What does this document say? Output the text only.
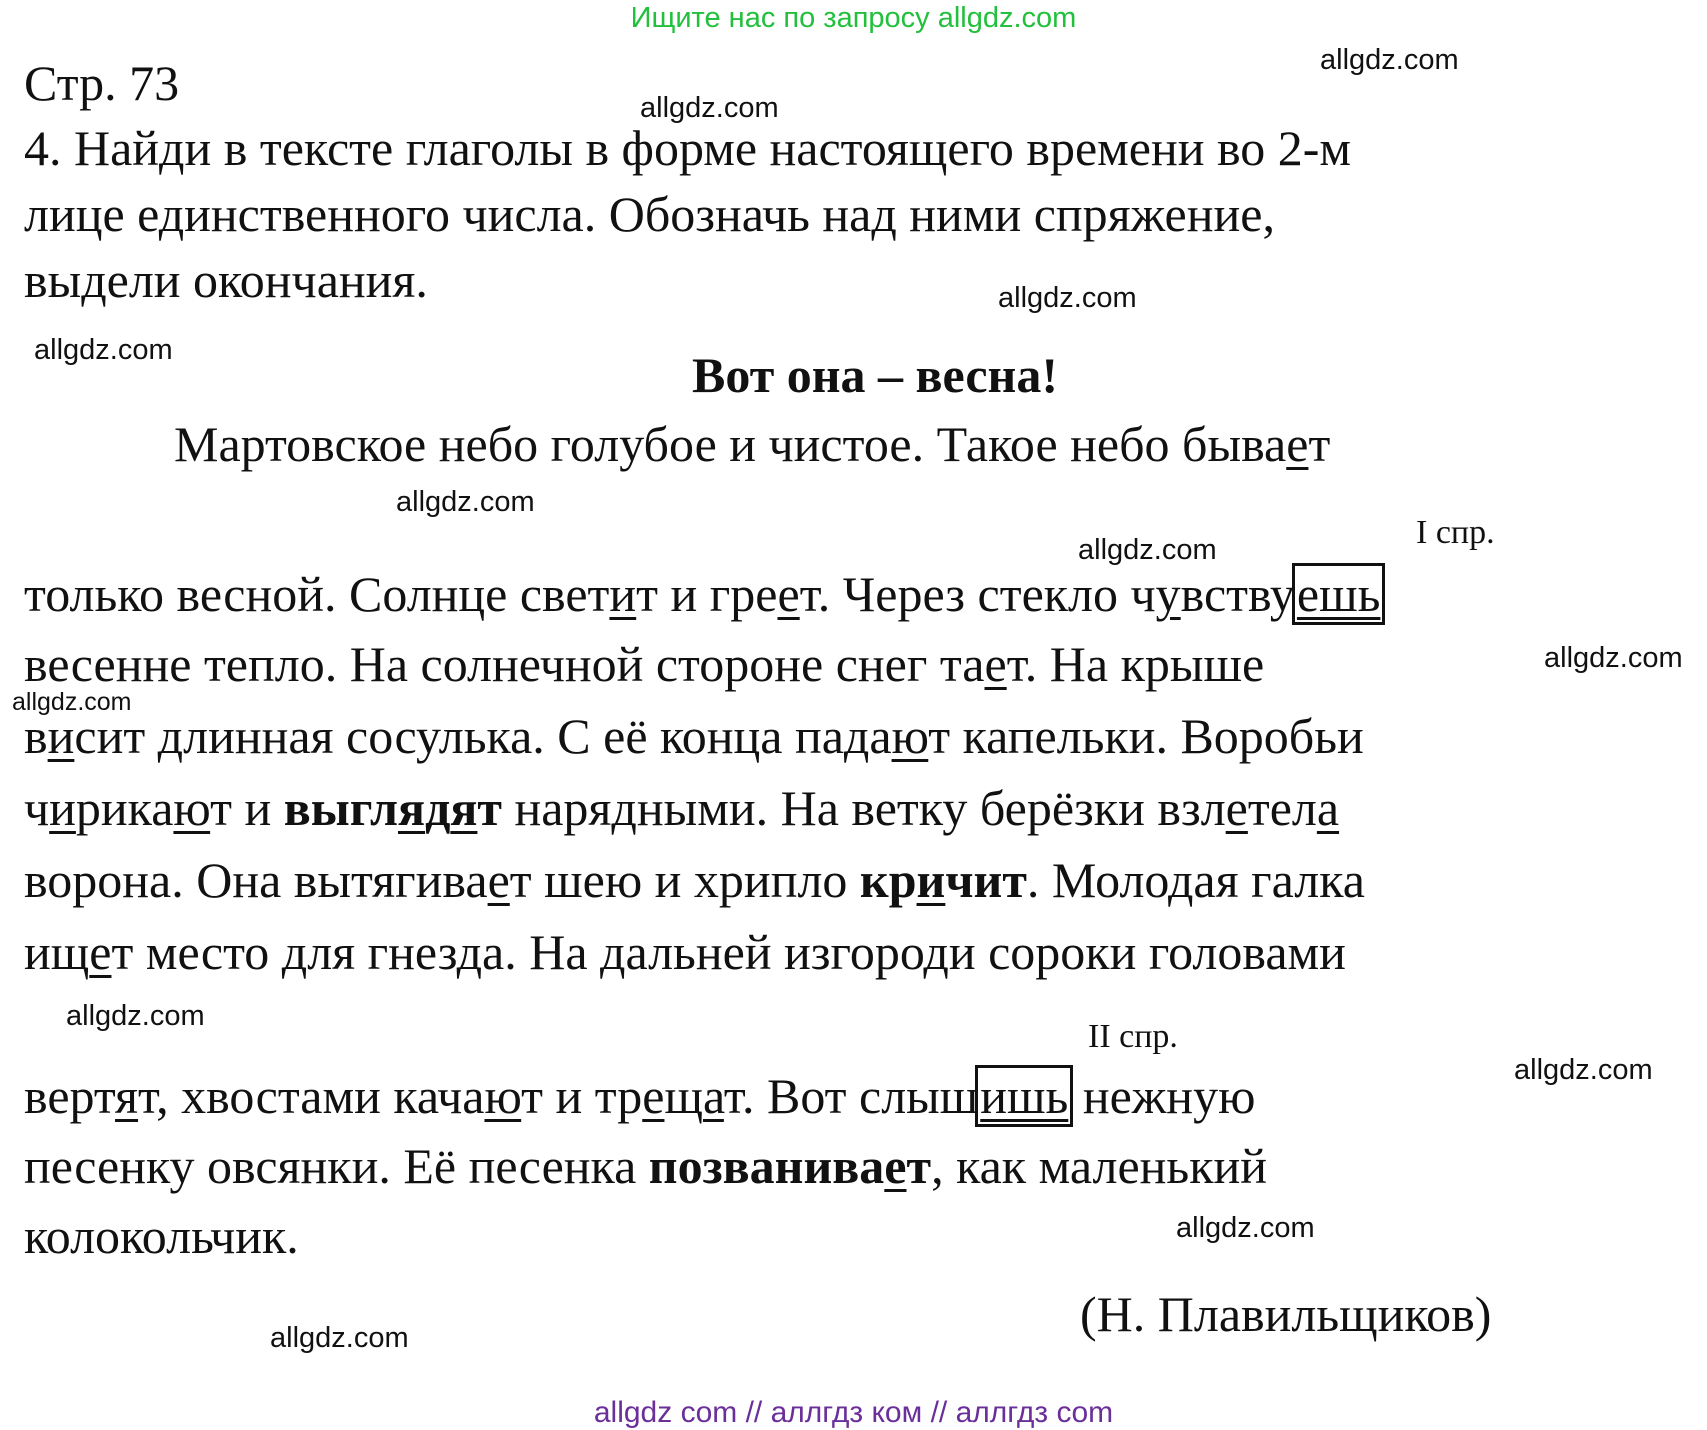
Ищите нас по запросу allgdz.com
Стр. 73
4. Найди в тексте глаголы в форме настоящего времени во 2-м
лице единственного числа. Обозначь над ними спряжение,
выдели окончания.
Вот она – весна!
Мартовское небо голубое и чистое. Такое небо бывает
I спр.
только весной. Солнце светит и греет. Через стекло чувствуешь
весенне тепло. На солнечной стороне снег тает. На крыше
висит длинная сосулька. С её конца падают капельки. Воробьи
чирикают и выглядят нарядными. На ветку берёзки взлетела
ворона. Она вытягивает шею и хрипло кричит. Молодая галка
ищет место для гнезда. На дальней изгороди сороки головами
II спр.
вертят, хвостами качают и трещат. Вот слышишь нежную
песенку овсянки. Её песенка позванивает, как маленький
колокольчик.
(Н. Плавильщиков)
allgdz.com
allgdz.com
allgdz.com
allgdz.com
allgdz.com
allgdz.com
allgdz.com
allgdz.com
allgdz.com
allgdz.com
allgdz.com
allgdz.com
allgdz com // аллгдз ком // аллгдз com
